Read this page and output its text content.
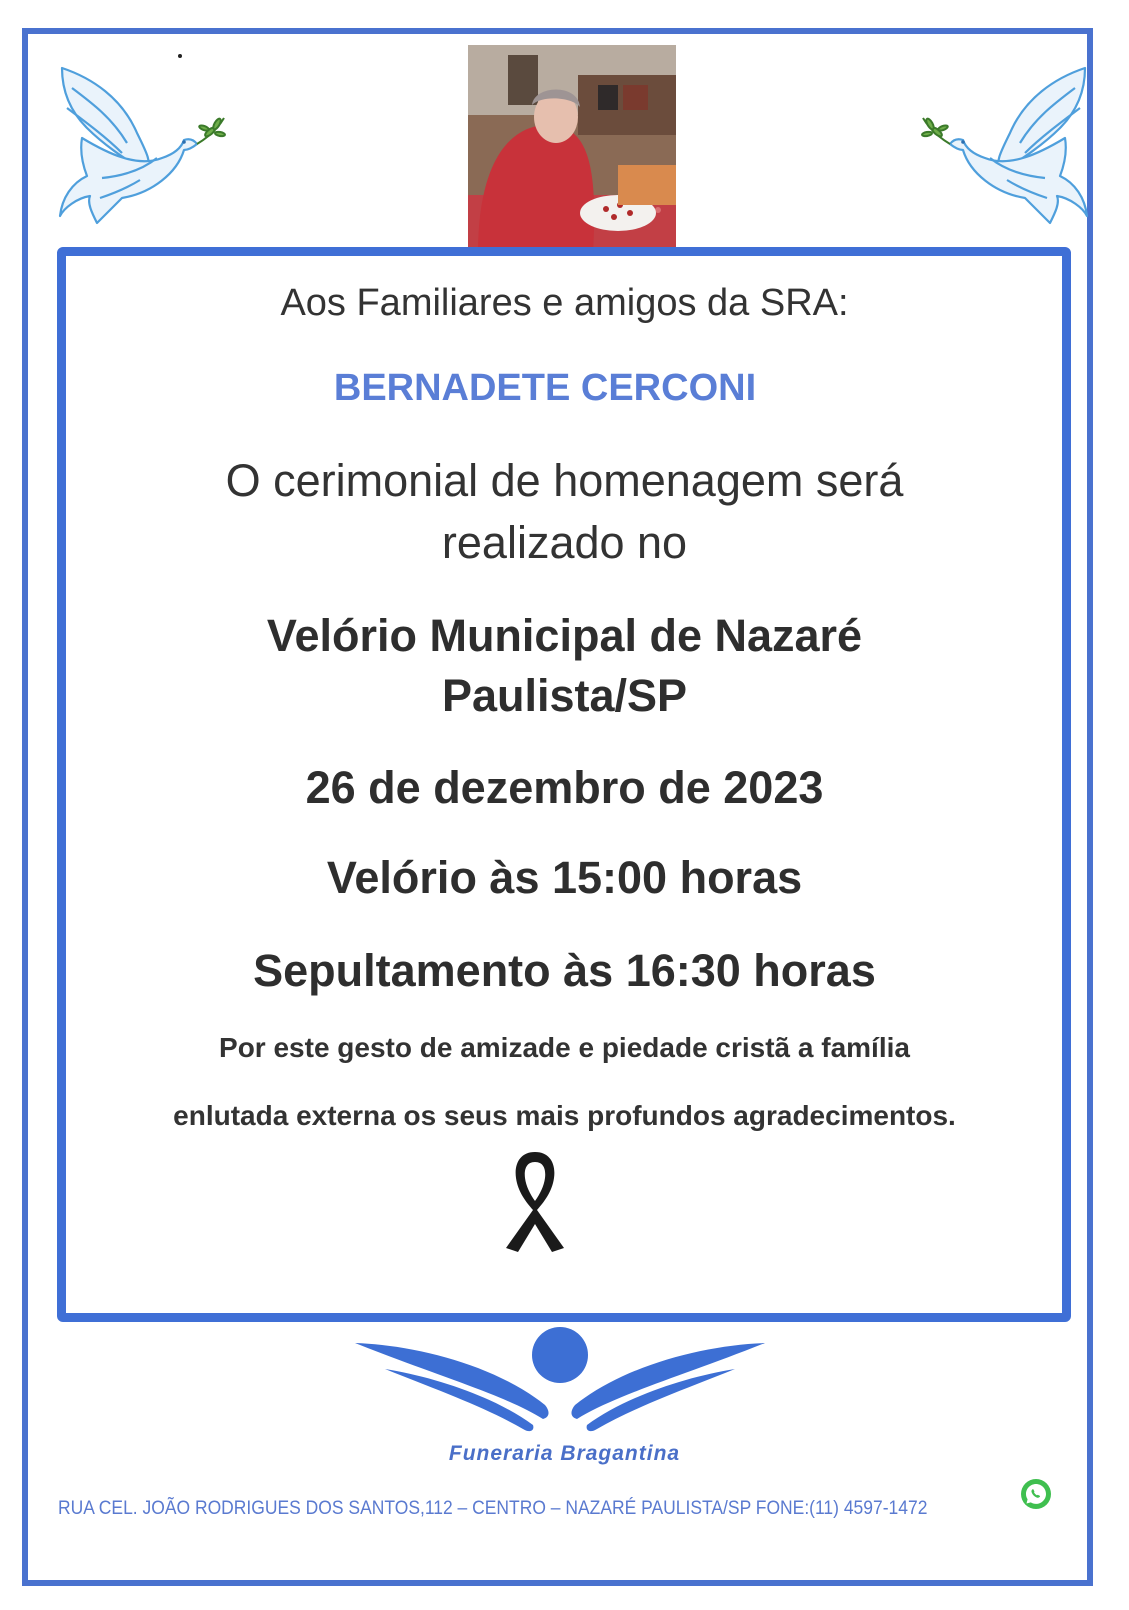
Aos Familiares e amigos da SRA:
BERNADETE CERCONI
O cerimonial de homenagem será
realizado no
Velório Municipal de Nazaré
Paulista/SP
26 de dezembro de 2023
Velório às 15:00 horas
Sepultamento às 16:30 horas
Por este gesto de amizade e piedade cristã a família
enlutada externa os seus mais profundos agradecimentos.
Funeraria Bragantina
RUA CEL. JOÃO RODRIGUES DOS SANTOS,112 – CENTRO – NAZARÉ PAULISTA/SP FONE:(11) 4597-1472
